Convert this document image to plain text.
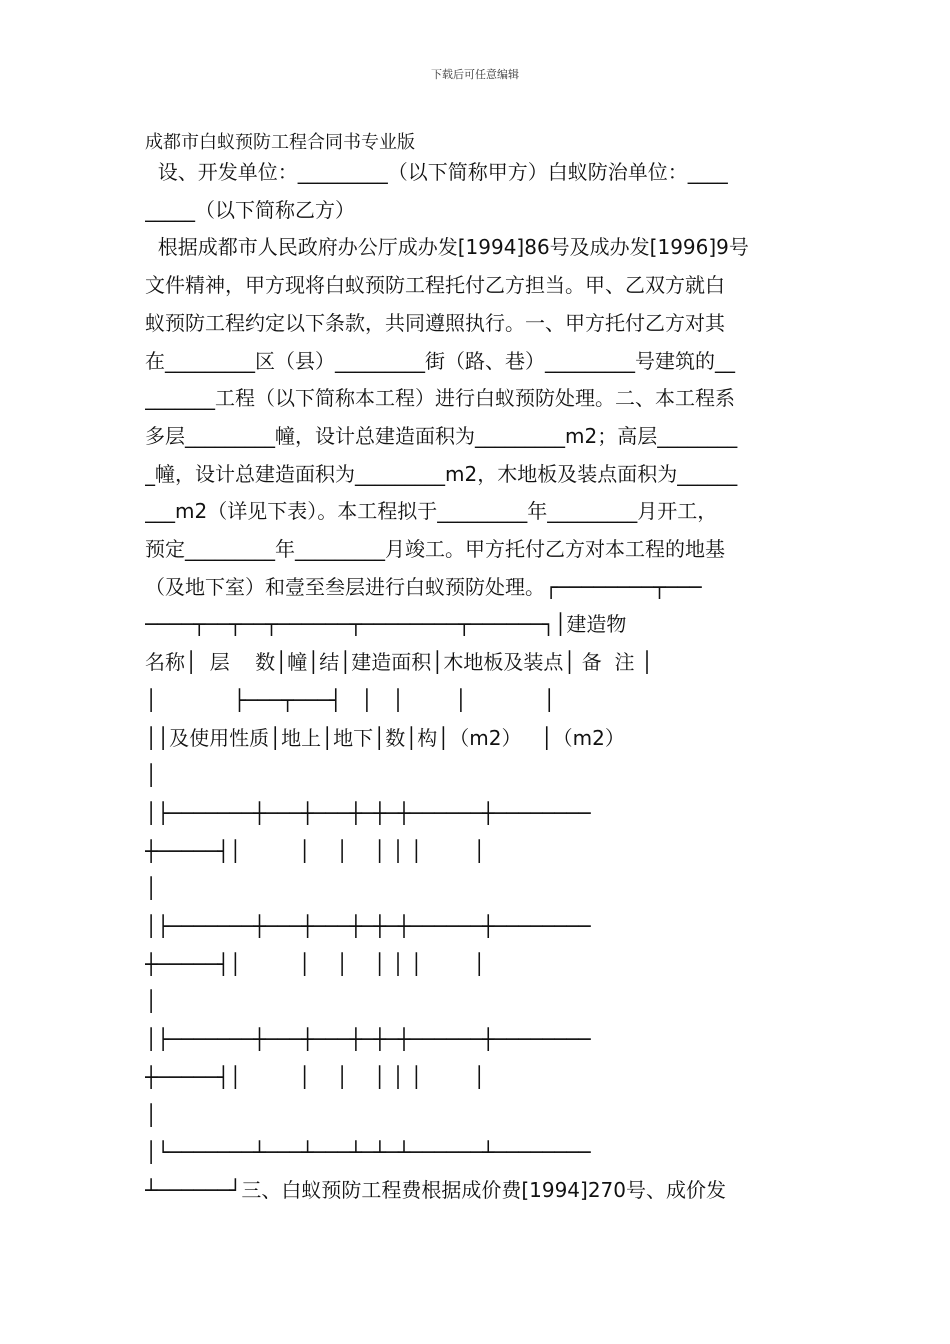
下载后可任意编辑
成都市白蚁预防工程合同书专业版
设、开发单位：_________（以下简称甲方）白蚁防治单位：____
_____（以下简称乙方）
根据成都市人民政府办公厅成办发[1994]86号及成办发[1996]9号
文件精神，甲方现将白蚁预防工程托付乙方担当。甲、乙双方就白
蚁预防工程约定以下条款，共同遵照执行。一、甲方托付乙方对其
在_________区（县）_________街（路、巷）_________号建筑的__
_______工程（以下简称本工程）进行白蚁预防处理。二、本工程系
多层_________幢，设计总建造面积为_________m2；高层________
_幢，设计总建造面积为_________m2，木地板及装点面积为______
___m2（详见下表）。本工程拟于_________年_________月开工，
预定_________年_________月竣工。甲方托付乙方对本工程的地基
（及地下室）和壹至叁层进行白蚁预防处理。┌────────┬───
────┬──┬──┬──────┬────────┬──────┐│建造物
名称│  层    数│幢│结│建造面积│木地板及装点│ 备  注 │
│            ├───┬───┤   │   │        │            │
││及使用性质│地上│地下│数│构│（m2）   │（m2）
│
│├───────┼───┼───┼─┼─┼──────┼────────
┼─────┤│         │    │    │ │ │        │
│
│├───────┼───┼───┼─┼─┼──────┼────────
┼─────┤│         │    │    │ │ │        │
│
│├───────┼───┼───┼─┼─┼──────┼────────
┼─────┤│         │    │    │ │ │        │
│
│└───────┴───┴───┴─┴─┴──────┴────────
┴──────┘三、白蚁预防工程费根据成价费[1994]270号、成价发
